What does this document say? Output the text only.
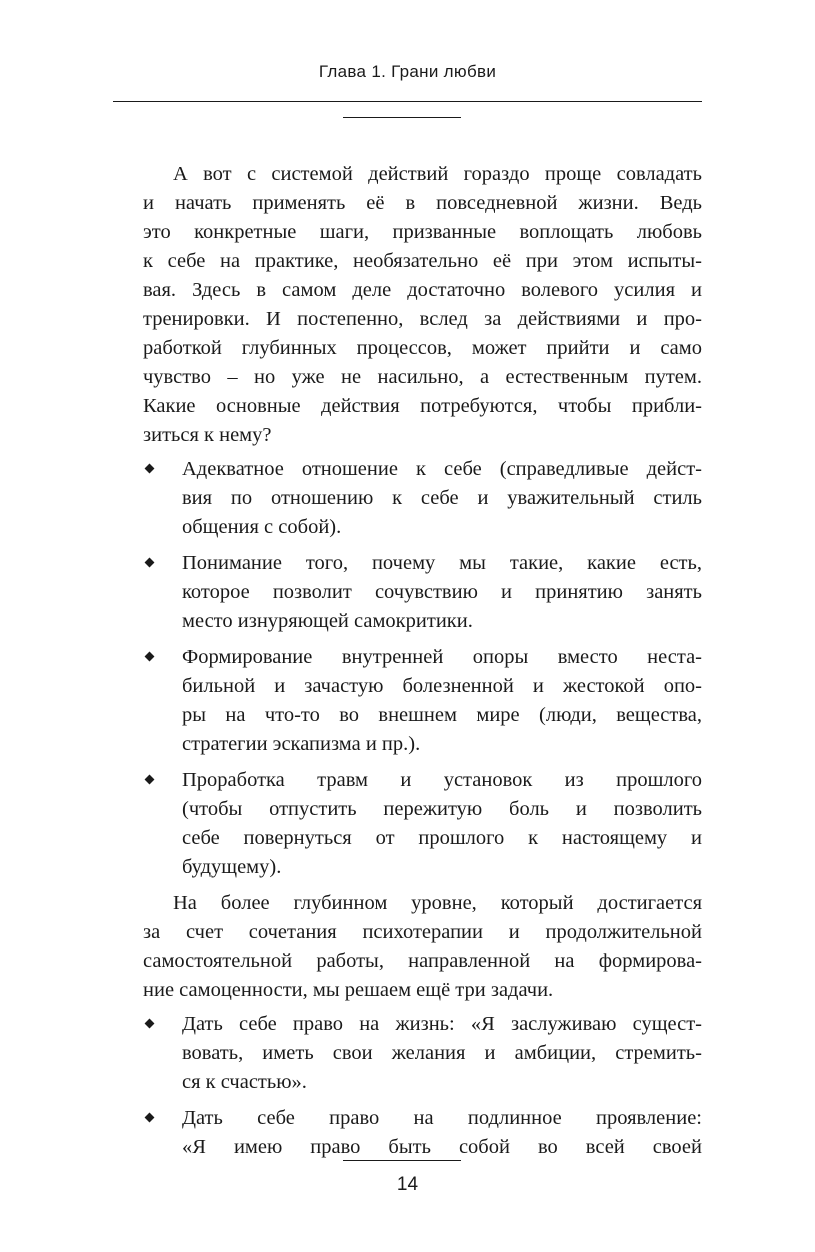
Глава 1. Грани любви

А вот с системой действий гораздо проще совладать
и начать применять её в повседневной жизни. Ведь
это конкретные шаги, призванные воплощать любовь
к себе на практике, необязательно её при этом испыты-
вая. Здесь в самом деле достаточно волевого усилия и
тренировки. И постепенно, вслед за действиями и про-
работкой глубинных процессов, может прийти и само
чувство – но уже не насильно, а естественным путем.
Какие основные действия потребуются, чтобы прибли-
зиться к нему?

Адекватное отношение к себе (справедливые дейст-
вия по отношению к себе и уважительный стиль
общения с собой).
Понимание того, почему мы такие, какие есть,
которое позволит сочувствию и принятию занять
место изнуряющей самокритики.
Формирование внутренней опоры вместо неста-
бильной и зачастую болезненной и жестокой опо-
ры на что-то во внешнем мире (люди, вещества,
стратегии эскапизма и пр.).
Проработка травм и установок из прошлого
(чтобы отпустить пережитую боль и позволить
себе повернуться от прошлого к настоящему и
будущему).

На более глубинном уровне, который достигается
за счет сочетания психотерапии и продолжительной
самостоятельной работы, направленной на формирова-
ние самоценности, мы решаем ещё три задачи.

Дать себе право на жизнь: «Я заслуживаю сущест-
вовать, иметь свои желания и амбиции, стремить-
ся к счастью».
Дать себе право на подлинное проявление:
«Я имею право быть собой во всей своей
14
